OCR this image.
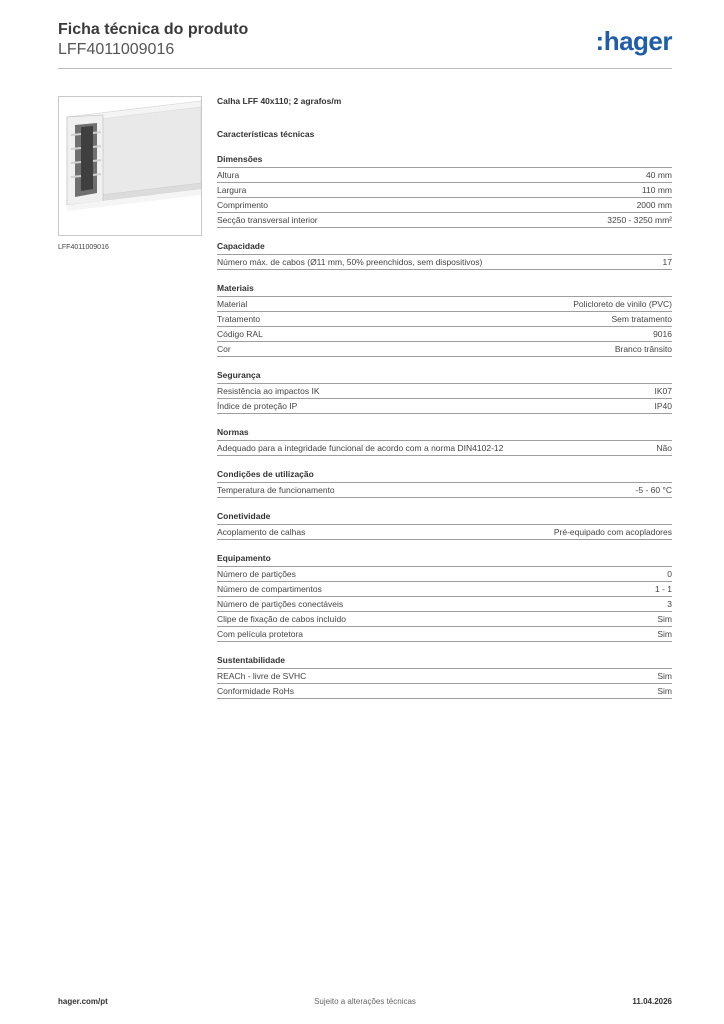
Ficha técnica do produto

LFF4011009016	:hager
LFF4011009016
Calha LFF 40x110; 2 agrafos/m
Características técnicas
Dimensões
Altura	40 mm
Largura	110 mm
Comprimento	2000 mm
Secção transversal interior	3250 - 3250 mm²
Capacidade
Número máx. de cabos (Ø11 mm, 50% preenchidos, sem dispositivos)	17
Materiais
Material	Policloreto de vinilo (PVC)
Tratamento	Sem tratamento
Código RAL	9016
Cor	Branco trânsito
Segurança
Resistência ao impactos IK	IK07
Índice de proteção IP	IP40
Normas
Adequado para a integridade funcional de acordo com a norma DIN4102-12	Não
Condições de utilização
Temperatura de funcionamento	-5 - 60 °C
Conetividade
Acoplamento de calhas	Pré-equipado com acopladores
Equipamento
Número de partições	0
Número de compartimentos	1 - 1
Número de partições conectáveis	3
Clipe de fixação de cabos incluído	Sim
Com película protetora	Sim
Sustentabilidade
REACh - livre de SVHC	Sim
Conformidade RoHs	Sim
hager.com/pt	Sujeito a alterações técnicas	11.04.2026
